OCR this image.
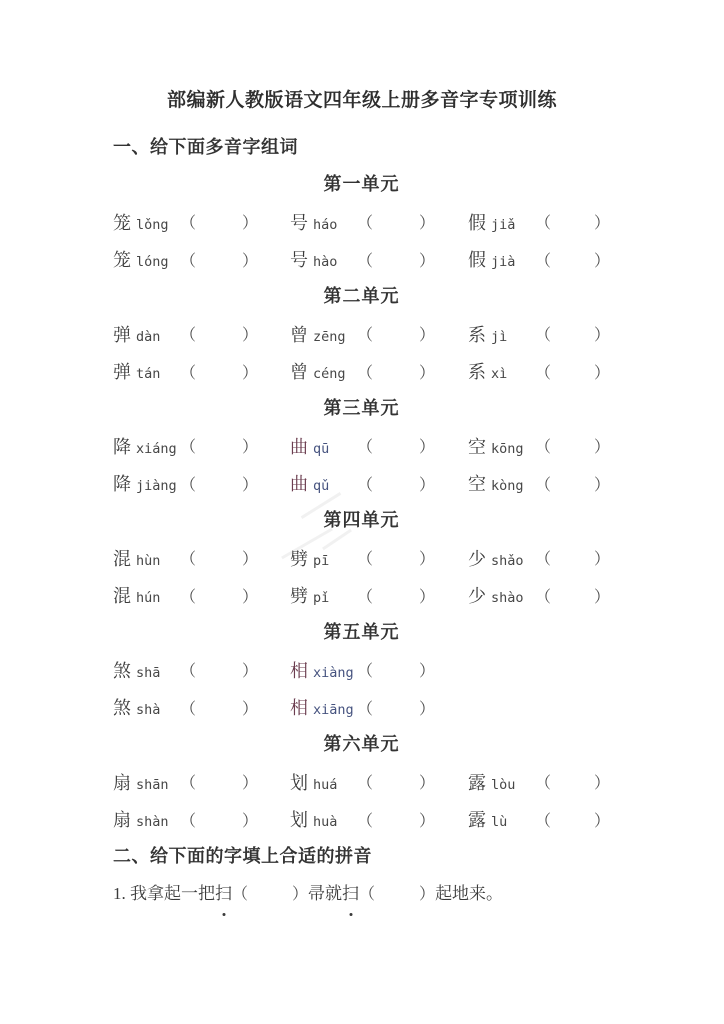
部编新人教版语文四年级上册多音字专项训练
一、给下面多音字组词
第一单元
笼 lǒng （	） 号 háo （	） 假 jiǎ （	）
笼 lóng （	） 号 hào （	） 假 jià （	）
第二单元
弹 dàn （	） 曾 zēng （	） 系 jì （	）
弹 tán （	） 曾 céng （	） 系 xì （	）
第三单元
降 xiáng （	） 曲 qū （	） 空 kōng （	）
降 jiàng （	） 曲 qǔ （	） 空 kòng （	）
第四单元
混 hùn （	） 劈 pī （	） 少 shǎo （	）
混 hún （	） 劈 pǐ （	） 少 shào （	）
第五单元
煞 shā （	） 相 xiàng （	）
煞 shà （	） 相 xiāng （	）
第六单元
扇 shān （	） 划 huá （	） 露 lòu （	）
扇 shàn （	） 划 huà （	） 露 lù （	）
二、给下面的字填上合适的拼音
1. 我拿起一把扫（	）帚就扫（	）起地来。
